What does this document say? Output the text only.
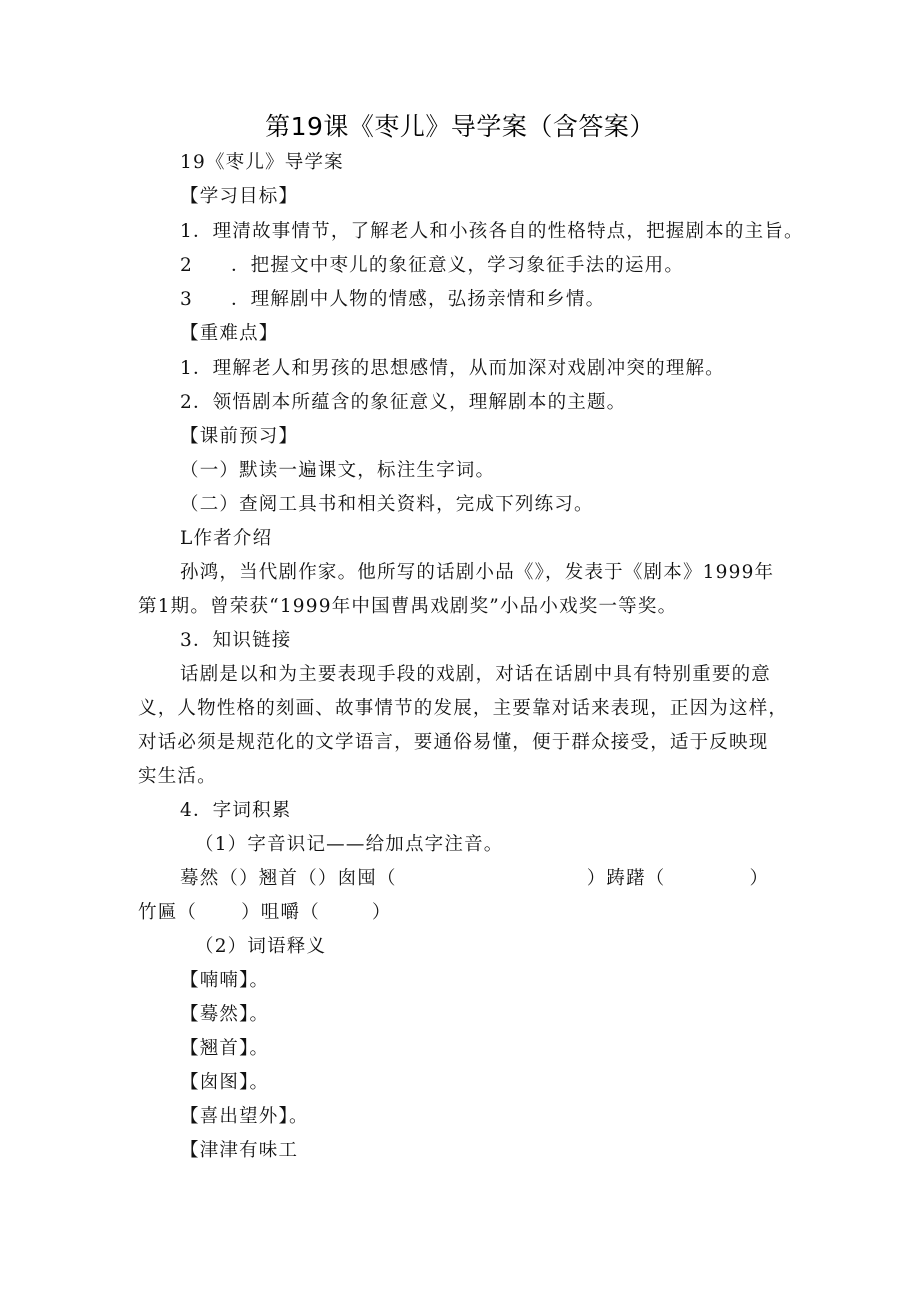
第19课《枣儿》导学案（含答案）
19《枣儿》导学案
【学习目标】
1．理清故事情节，了解老人和小孩各自的性格特点，把握剧本的主旨。
2 ．把握文中枣儿的象征意义，学习象征手法的运用。
3 ．理解剧中人物的情感，弘扬亲情和乡情。
【重难点】
1．理解老人和男孩的思想感情，从而加深对戏剧冲突的理解。
2．领悟剧本所蕴含的象征意义，理解剧本的主题。
【课前预习】
（一）默读一遍课文，标注生字词。
（二）查阅工具书和相关资料，完成下列练习。
L作者介绍
孙鸿，当代剧作家。他所写的话剧小品《》，发表于《剧本》1999年
第1期。曾荣获“1999年中国曹禺戏剧奖”小品小戏奖一等奖。
3．知识链接
话剧是以和为主要表现手段的戏剧，对话在话剧中具有特别重要的意
义，人物性格的刻画、故事情节的发展，主要靠对话来表现，正因为这样，
对话必须是规范化的文学语言，要通俗易懂，便于群众接受，适于反映现
实生活。
4．字词积累
（1）字音识记——给加点字注音。
蓦然（）翘首（）囱囤（	）踌躇（	）
竹匾（ ）咀嚼（	）
（2）词语释义
【喃喃】。
【蓦然】。
【翘首】。
【囱图】。
【喜出望外】。
【津津有味工
